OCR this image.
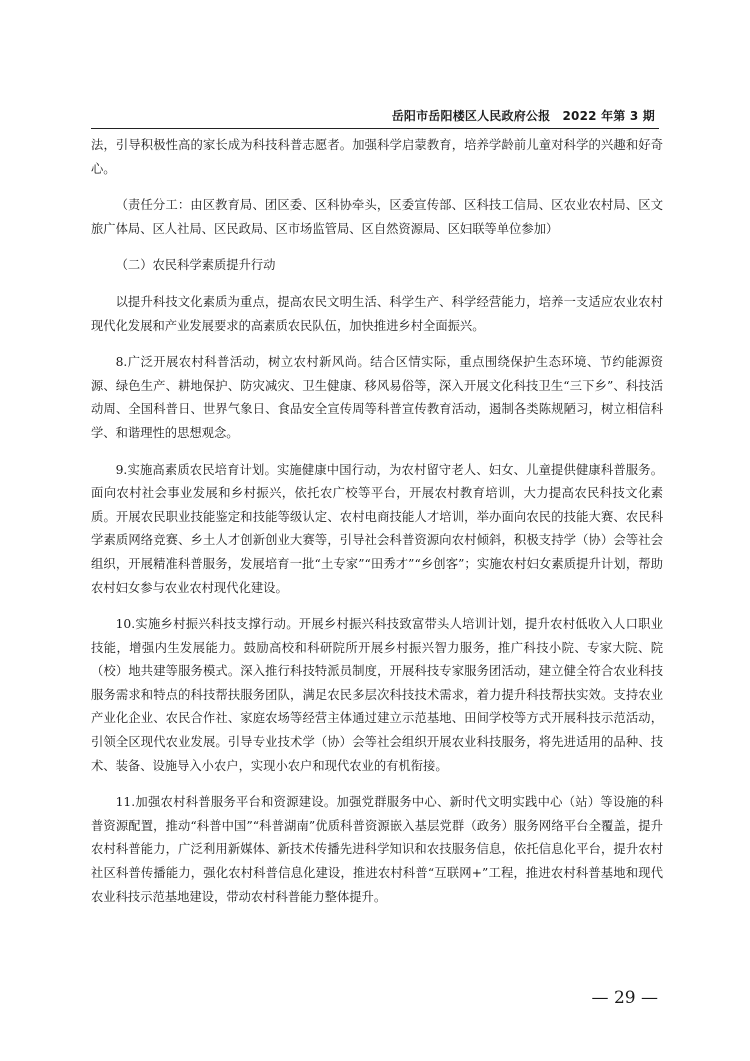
岳阳市岳阳楼区人民政府公报　2022 年第 3 期

法，引导积极性高的家长成为科技科普志愿者。加强科学启蒙教育，培养学龄前儿童对科学的兴趣和好奇心。

（责任分工：由区教育局、团区委、区科协牵头，区委宣传部、区科技工信局、区农业农村局、区文旅广体局、区人社局、区民政局、区市场监管局、区自然资源局、区妇联等单位参加）

（二）农民科学素质提升行动

以提升科技文化素质为重点，提高农民文明生活、科学生产、科学经营能力，培养一支适应农业农村现代化发展和产业发展要求的高素质农民队伍，加快推进乡村全面振兴。

8.广泛开展农村科普活动，树立农村新风尚。结合区情实际，重点围绕保护生态环境、节约能源资源、绿色生产、耕地保护、防灾减灾、卫生健康、移风易俗等，深入开展文化科技卫生“三下乡”、科技活动周、全国科普日、世界气象日、食品安全宣传周等科普宣传教育活动，遏制各类陈规陋习，树立相信科学、和谐理性的思想观念。

9.实施高素质农民培育计划。实施健康中国行动，为农村留守老人、妇女、儿童提供健康科普服务。面向农村社会事业发展和乡村振兴，依托农广校等平台，开展农村教育培训，大力提高农民科技文化素质。开展农民职业技能鉴定和技能等级认定、农村电商技能人才培训，举办面向农民的技能大赛、农民科学素质网络竞赛、乡土人才创新创业大赛等，引导社会科普资源向农村倾斜，积极支持学（协）会等社会组织，开展精准科普服务，发展培育一批“土专家”“田秀才”“乡创客”；实施农村妇女素质提升计划，帮助农村妇女参与农业农村现代化建设。

10.实施乡村振兴科技支撑行动。开展乡村振兴科技致富带头人培训计划，提升农村低收入人口职业技能，增强内生发展能力。鼓励高校和科研院所开展乡村振兴智力服务，推广科技小院、专家大院、院（校）地共建等服务模式。深入推行科技特派员制度，开展科技专家服务团活动，建立健全符合农业科技服务需求和特点的科技帮扶服务团队，满足农民多层次科技技术需求，着力提升科技帮扶实效。支持农业产业化企业、农民合作社、家庭农场等经营主体通过建立示范基地、田间学校等方式开展科技示范活动，引领全区现代农业发展。引导专业技术学（协）会等社会组织开展农业科技服务，将先进适用的品种、技术、装备、设施导入小农户，实现小农户和现代农业的有机衔接。

11.加强农村科普服务平台和资源建设。加强党群服务中心、新时代文明实践中心（站）等设施的科普资源配置，推动“科普中国”“科普湖南”优质科普资源嵌入基层党群（政务）服务网络平台全覆盖，提升农村科普能力，广泛利用新媒体、新技术传播先进科学知识和农技服务信息，依托信息化平台，提升农村社区科普传播能力，强化农村科普信息化建设，推进农村科普“互联网+”工程，推进农村科普基地和现代农业科技示范基地建设，带动农村科普能力整体提升。

— 29 —
